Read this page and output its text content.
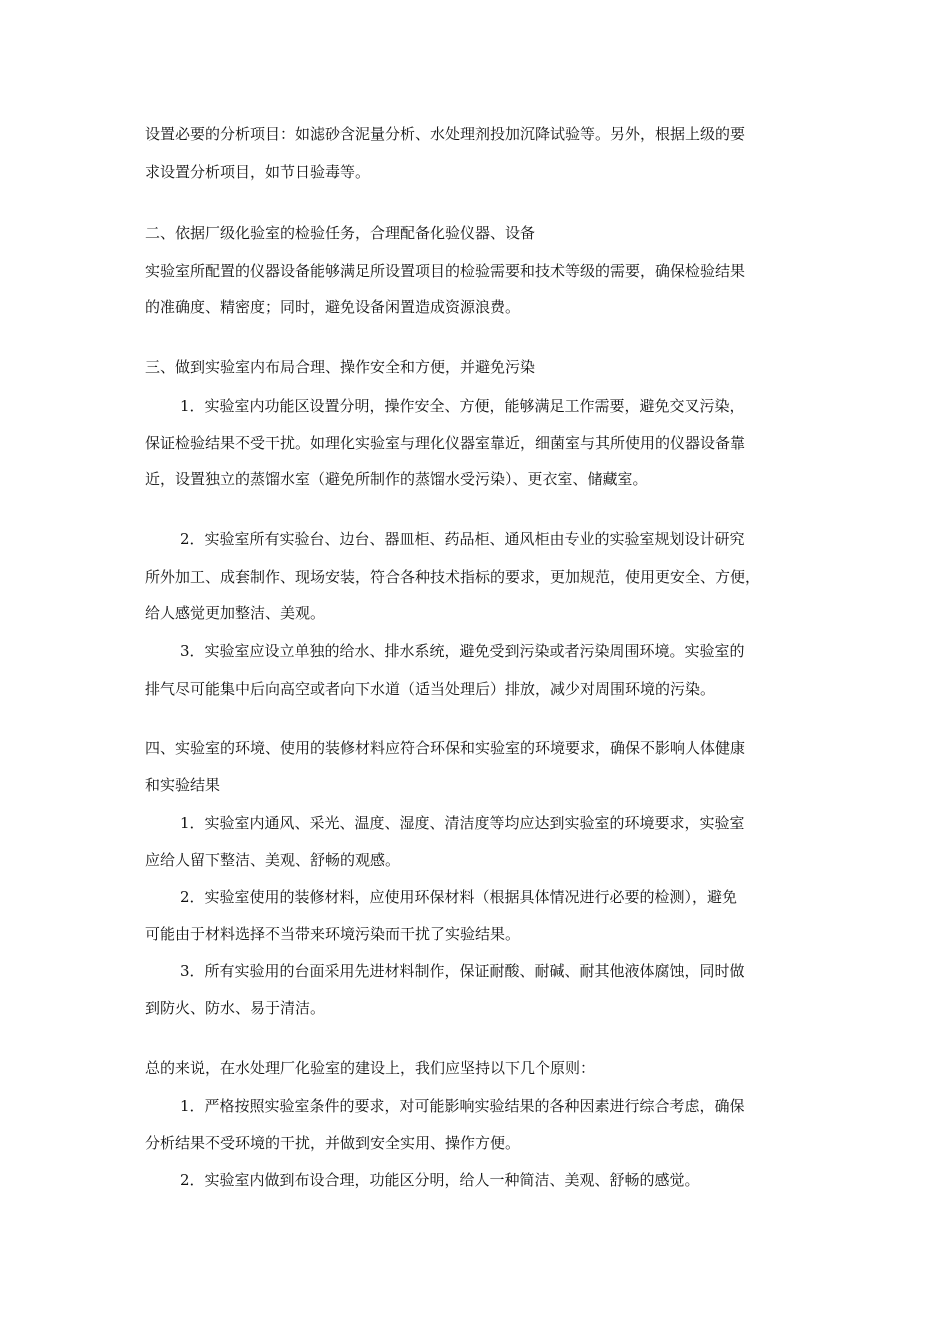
设置必要的分析项目：如滤砂含泥量分析、水处理剂投加沉降试验等。另外，根据上级的要
求设置分析项目，如节日验毒等。
二、依据厂级化验室的检验任务，合理配备化验仪器、设备
实验室所配置的仪器设备能够满足所设置项目的检验需要和技术等级的需要，确保检验结果
的准确度、精密度；同时，避免设备闲置造成资源浪费。
三、做到实验室内布局合理、操作安全和方便，并避免污染
1．实验室内功能区设置分明，操作安全、方便，能够满足工作需要，避免交叉污染，
保证检验结果不受干扰。如理化实验室与理化仪器室靠近，细菌室与其所使用的仪器设备靠
近，设置独立的蒸馏水室（避免所制作的蒸馏水受污染）、更衣室、储藏室。
2．实验室所有实验台、边台、器皿柜、药品柜、通风柜由专业的实验室规划设计研究
所外加工、成套制作、现场安装，符合各种技术指标的要求，更加规范，使用更安全、方便，
给人感觉更加整洁、美观。
3．实验室应设立单独的给水、排水系统，避免受到污染或者污染周围环境。实验室的
排气尽可能集中后向高空或者向下水道（适当处理后）排放，减少对周围环境的污染。
四、实验室的环境、使用的装修材料应符合环保和实验室的环境要求，确保不影响人体健康
和实验结果
1．实验室内通风、采光、温度、湿度、清洁度等均应达到实验室的环境要求，实验室
应给人留下整洁、美观、舒畅的观感。
2．实验室使用的装修材料，应使用环保材料（根据具体情况进行必要的检测），避免
可能由于材料选择不当带来环境污染而干扰了实验结果。
3．所有实验用的台面采用先进材料制作，保证耐酸、耐碱、耐其他液体腐蚀，同时做
到防火、防水、易于清洁。
总的来说，在水处理厂化验室的建设上，我们应坚持以下几个原则：
1．严格按照实验室条件的要求，对可能影响实验结果的各种因素进行综合考虑，确保
分析结果不受环境的干扰，并做到安全实用、操作方便。
2．实验室内做到布设合理，功能区分明，给人一种简洁、美观、舒畅的感觉。
